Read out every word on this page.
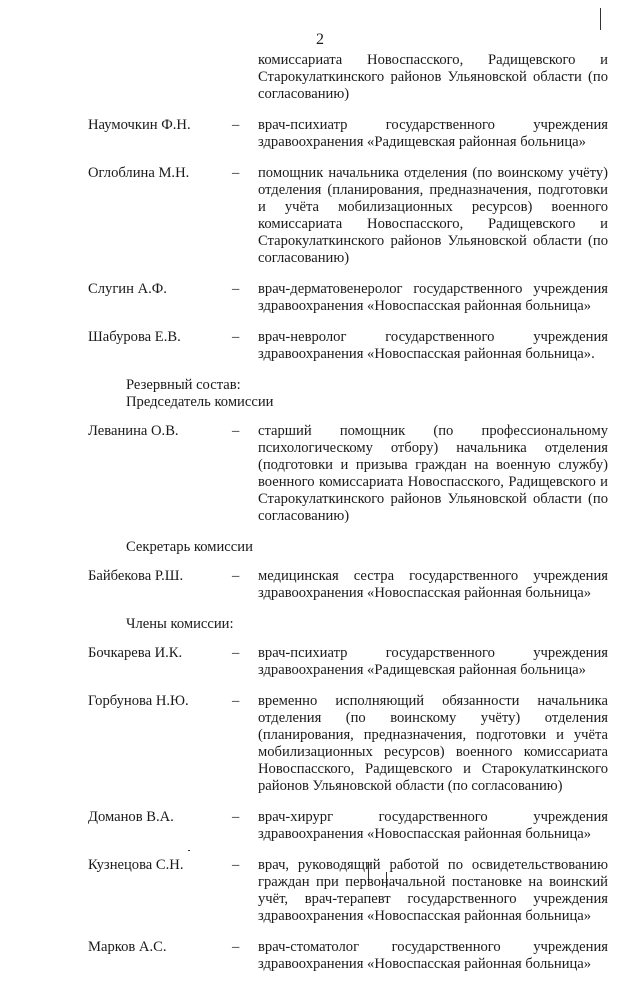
2
комиссариата Новоспасского, Радищевского и Старокулаткинского районов Ульяновской области (по согласованию)
Наумочкин Ф.Н.	–	врач-психиатр государственного учреждения здравоохранения «Радищевская районная больница»
Оглоблина М.Н.	–	помощник начальника отделения (по воинскому учёту) отделения (планирования, предназначения, подготовки и учёта мобилизационных ресурсов) военного комиссариата Новоспасского, Радищевского и Старокулаткинского районов Ульяновской области (по согласованию)
Слугин А.Ф.	–	врач-дерматовенеролог государственного учреждения здравоохранения «Новоспасская районная больница»
Шабурова Е.В.	–	врач-невролог государственного учреждения здравоохранения «Новоспасская районная больница».
Резервный состав:
Председатель комиссии
Леванина О.В.	–	старший помощник (по профессиональному психологическому отбору) начальника отделения (подготовки и призыва граждан на военную службу) военного комиссариата Новоспасского, Радищевского и Старокулаткинского районов Ульяновской области (по согласованию)
Секретарь комиссии
Байбекова Р.Ш.	–	медицинская сестра государственного учреждения здравоохранения «Новоспасская районная больница»
Члены комиссии:
Бочкарева И.К.	–	врач-психиатр государственного учреждения здравоохранения «Радищевская районная больница»
Горбунова Н.Ю.	–	временно исполняющий обязанности начальника отделения (по воинскому учёту) отделения (планирования, предназначения, подготовки и учёта мобилизационных ресурсов) военного комиссариата Новоспасского, Радищевского и Старокулаткинского районов Ульяновской области (по согласованию)
Доманов В.А.	–	врач-хирург государственного учреждения здравоохранения «Новоспасская районная больница»
Кузнецова С.Н.	–	врач, руководящий работой по освидетельствованию граждан при первоначальной постановке на воинский учёт, врач-терапевт государственного учреждения здравоохранения «Новоспасская районная больница»
Марков А.С.	–	врач-стоматолог государственного учреждения здравоохранения «Новоспасская районная больница»
